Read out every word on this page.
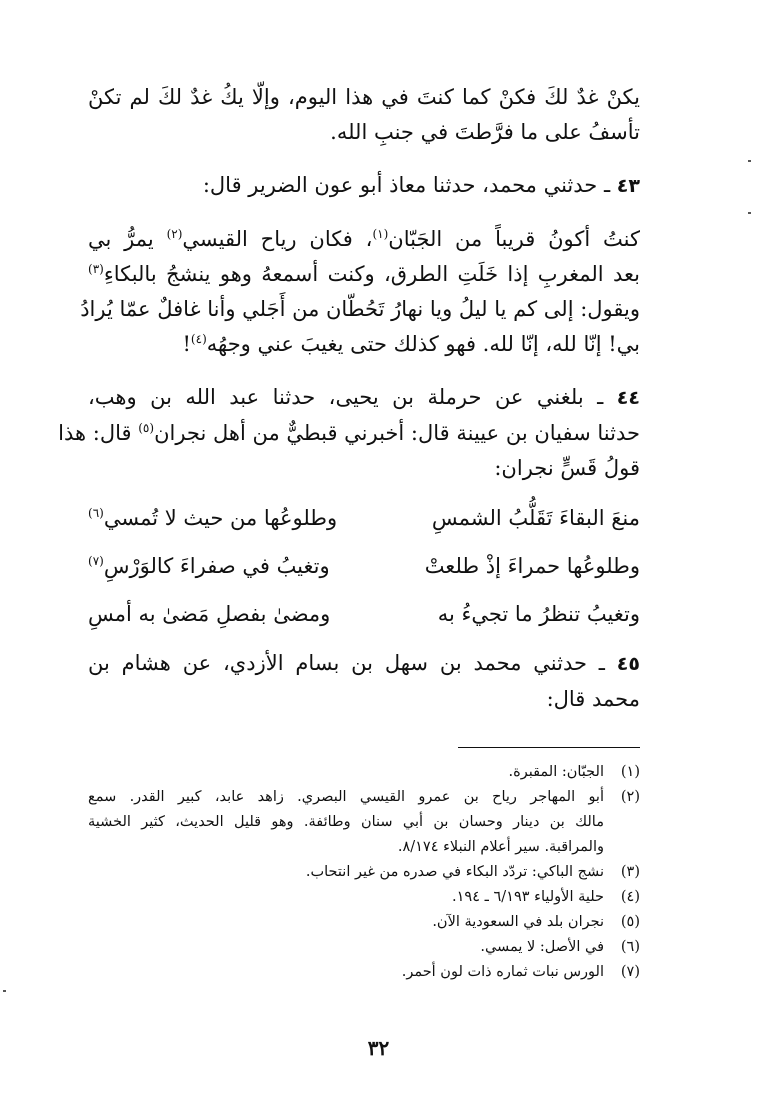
يكنْ غدٌ لكَ فكنْ كما كنتَ في هذا اليوم، وإلّا يكُ غدٌ لكَ لم تكنْ
تأسفُ على ما فرَّطتَ في جنبِ الله.

٤٣ ـ حدثني محمد، حدثنا معاذ أبو عون الضرير قال:

كنتُ أكونُ قريباً من الجَبّان$^{(١)}$، فكان رياح القيسي$^{(٢)}$ يمرُّ بي
بعد المغربِ إذا خَلَتِ الطرق، وكنت أسمعهُ وهو ينشجُ بالبكاءِ$^{(٣)}$
ويقول: إلى كم يا ليلُ ويا نهارُ تَحُطّان من أَجَلي وأنا غافلٌ عمّا يُرادُ
بي! إنّا لله، إنّا لله. فهو كذلك حتى يغيبَ عني وجهُه$^{(٤)}$!

٤٤ ـ بلغني عن حرملة بن يحيى، حدثنا عبد الله بن وهب،
حدثنا سفيان بن عيينة قال: أخبرني قبطيٌّ من أهل نجران$^{(٥)}$ قال: هذا
قولُ قَسٍّ نجران:

منعَ البقاءَ تَقَلُّبُ الشمسِ
وطلوعُها من حيث لا تُمسي$^{(٦)}$
وطلوعُها حمراءَ إذْ طلعتْ
وتغيبُ في صفراءَ كالوَرْسِ$^{(٧)}$
وتغيبُ تنظرُ ما تجيءُ به
ومضىٰ بفصلِ مَضىٰ به أمسِ

٤٥ ـ حدثني محمد بن سهل بن بسام الأزدي، عن هشام بن
محمد قال:

(١)
الجبّان: المقبرة.
(٢)
أبو المهاجر رياح بن عمرو القيسي البصري. زاهد عابد، كبير القدر. سمع
مالك بن دينار وحسان بن أبي سنان وطائفة. وهو قليل الحديث، كثير الخشية
والمراقبة. سير أعلام النبلاء ٨/١٧٤.
(٣)
نشج الباكي: تردّد البكاء في صدره من غير انتحاب.
(٤)
حلية الأولياء ٦/١٩٣ ـ ١٩٤.
(٥)
نجران بلد في السعودية الآن.
(٦)
في الأصل: لا يمسي.
(٧)
الورس نبات ثماره ذات لون أحمر.
٣٢
